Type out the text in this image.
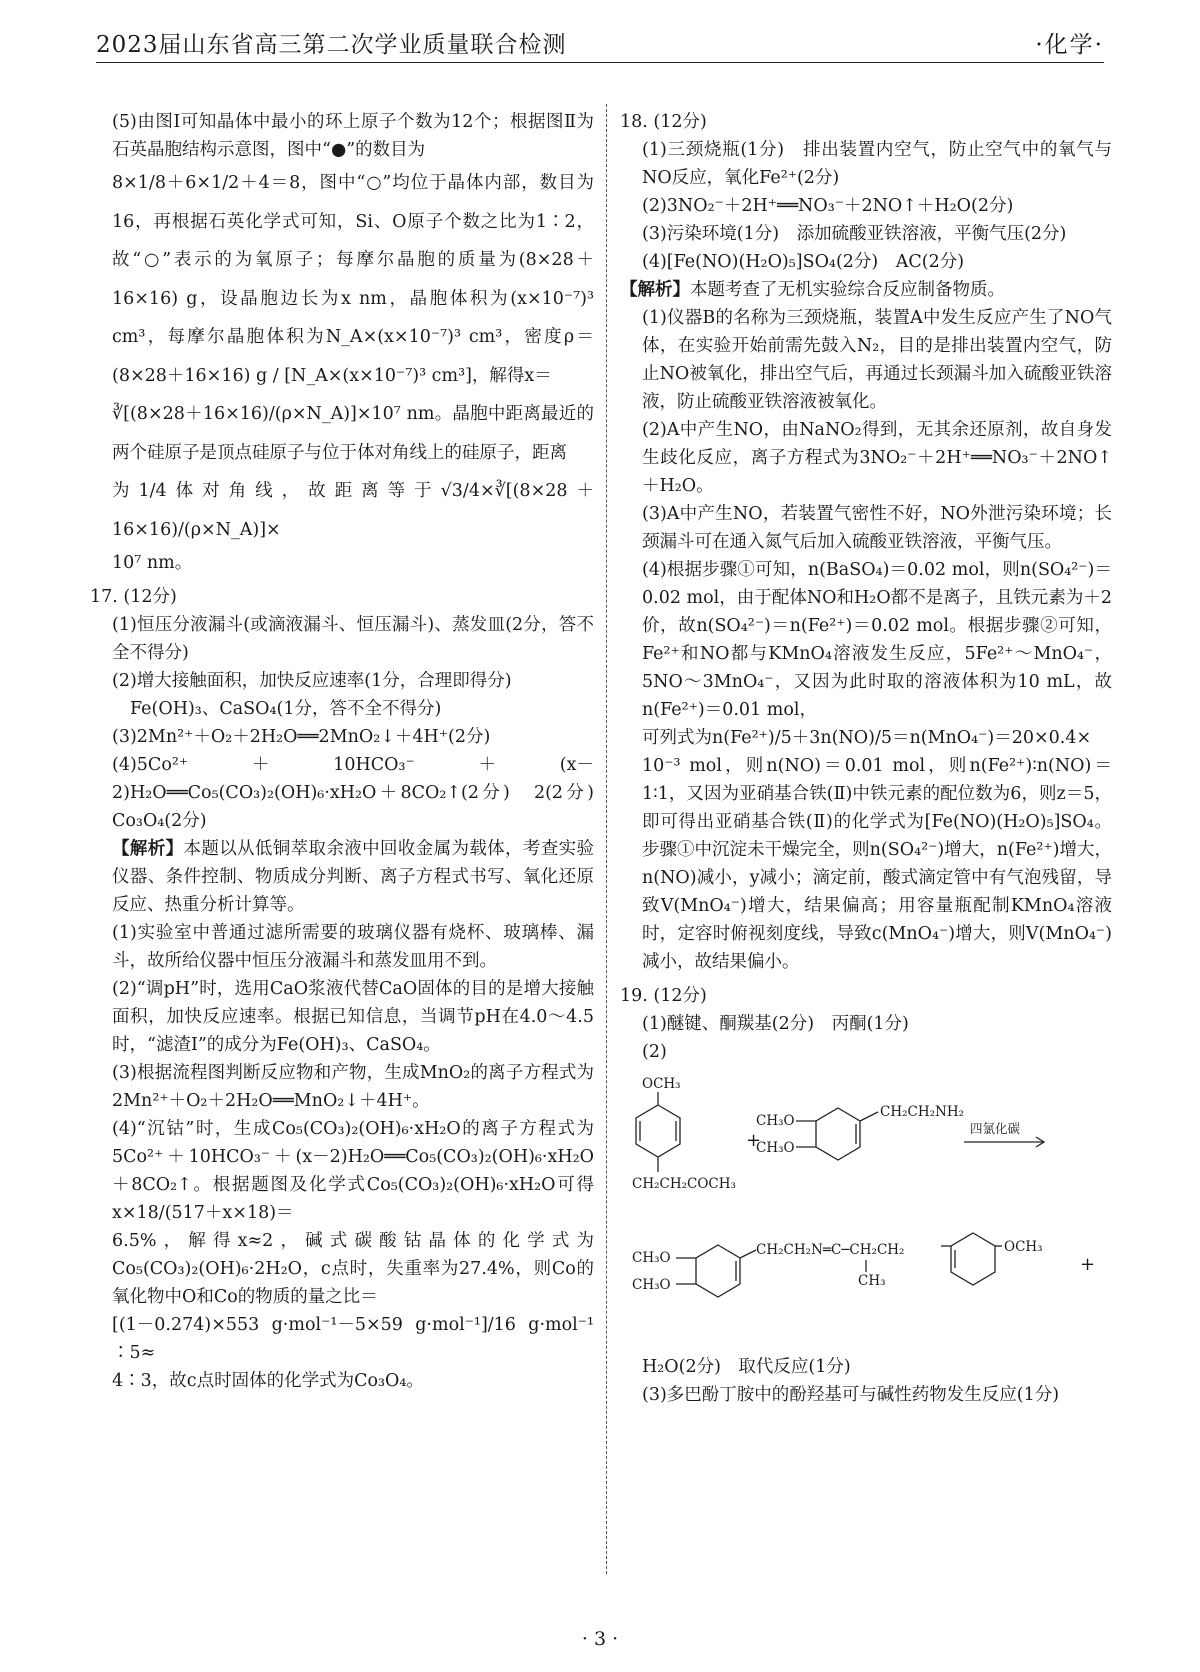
2023届山东省高三第二次学业质量联合检测	·化学·

(5)由图Ⅰ可知晶体中最小的环上原子个数为12个；根据图Ⅱ为石英晶胞结构示意图，图中“●”的数目为

8×1/8＋6×1/2＋4＝8，图中“○”均位于晶体内部，数目为16，再根据石英化学式可知，Si、O原子个数之比为1∶2，故“○”表示的为氧原子；每摩尔晶胞的质量为(8×28＋16×16) g，设晶胞边长为x nm，晶胞体积为(x×10⁻⁷)³ cm³，每摩尔晶胞体积为N_A×(x×10⁻⁷)³ cm³，密度ρ＝(8×28＋16×16) g / [N_A×(x×10⁻⁷)³ cm³]，解得x＝

∛[(8×28＋16×16)/(ρ×N_A)]×10⁷ nm。晶胞中距离最近的两个硅原子是顶点硅原子与位于体对角线上的硅原子，距离

为1/4体对角线，故距离等于√3/4×∛[(8×28＋16×16)/(ρ×N_A)]×

10⁷ nm。

17. (12分)

(1)恒压分液漏斗(或滴液漏斗、恒压漏斗)、蒸发皿(2分，答不全不得分)

(2)增大接触面积，加快反应速率(1分，合理即得分)

Fe(OH)₃、CaSO₄(1分，答不全不得分)

(3)2Mn²⁺＋O₂＋2H₂O══2MnO₂↓＋4H⁺(2分)

(4)5Co²⁺＋10HCO₃⁻＋(x－2)H₂O══Co₅(CO₃)₂(OH)₆·xH₂O＋8CO₂↑(2分)　2(2分)　Co₃O₄(2分)

【解析】本题以从低铜萃取余液中回收金属为载体，考查实验仪器、条件控制、物质成分判断、离子方程式书写、氧化还原反应、热重分析计算等。

(1)实验室中普通过滤所需要的玻璃仪器有烧杯、玻璃棒、漏斗，故所给仪器中恒压分液漏斗和蒸发皿用不到。

(2)“调pH”时，选用CaO浆液代替CaO固体的目的是增大接触面积，加快反应速率。根据已知信息，当调节pH在4.0～4.5时，“滤渣Ⅰ”的成分为Fe(OH)₃、CaSO₄。

(3)根据流程图判断反应物和产物，生成MnO₂的离子方程式为2Mn²⁺＋O₂＋2H₂O══MnO₂↓＋4H⁺。

(4)“沉钴”时，生成Co₅(CO₃)₂(OH)₆·xH₂O的离子方程式为5Co²⁺＋10HCO₃⁻＋(x－2)H₂O══Co₅(CO₃)₂(OH)₆·xH₂O＋8CO₂↑。根据题图及化学式Co₅(CO₃)₂(OH)₆·xH₂O可得 x×18/(517＋x×18)＝

6.5%，解得x≈2，碱式碳酸钴晶体的化学式为Co₅(CO₃)₂(OH)₆·2H₂O，c点时，失重率为27.4%，则Co的氧化物中O和Co的物质的量之比＝

[(1－0.274)×553 g·mol⁻¹－5×59 g·mol⁻¹]/16 g·mol⁻¹ ∶5≈

4∶3，故c点时固体的化学式为Co₃O₄。

18. (12分)

(1)三颈烧瓶(1分)　排出装置内空气，防止空气中的氧气与NO反应，氧化Fe²⁺(2分)

(2)3NO₂⁻＋2H⁺══NO₃⁻＋2NO↑＋H₂O(2分)

(3)污染环境(1分)　添加硫酸亚铁溶液，平衡气压(2分)

(4)[Fe(NO)(H₂O)₅]SO₄(2分)　AC(2分)

【解析】本题考查了无机实验综合反应制备物质。

(1)仪器B的名称为三颈烧瓶，装置A中发生反应产生了NO气体，在实验开始前需先鼓入N₂，目的是排出装置内空气，防止NO被氧化，排出空气后，再通过长颈漏斗加入硫酸亚铁溶液，防止硫酸亚铁溶液被氧化。

(2)A中产生NO，由NaNO₂得到，无其余还原剂，故自身发生歧化反应，离子方程式为3NO₂⁻＋2H⁺══NO₃⁻＋2NO↑＋H₂O。

(3)A中产生NO，若装置气密性不好，NO外泄污染环境；长颈漏斗可在通入氮气后加入硫酸亚铁溶液，平衡气压。

(4)根据步骤①可知，n(BaSO₄)＝0.02 mol，则n(SO₄²⁻)＝0.02 mol，由于配体NO和H₂O都不是离子，且铁元素为＋2价，故n(SO₄²⁻)＝n(Fe²⁺)＝0.02 mol。根据步骤②可知，Fe²⁺和NO都与KMnO₄溶液发生反应，5Fe²⁺～MnO₄⁻，5NO～3MnO₄⁻，又因为此时取的溶液体积为10 mL，故n(Fe²⁺)＝0.01 mol，

可列式为n(Fe²⁺)/5＋3n(NO)/5＝n(MnO₄⁻)＝20×0.4×

10⁻³ mol，则n(NO)＝0.01 mol，则n(Fe²⁺)∶n(NO)＝1∶1，又因为亚硝基合铁(Ⅱ)中铁元素的配位数为6，则z＝5，即可得出亚硝基合铁(Ⅱ)的化学式为[Fe(NO)(H₂O)₅]SO₄。步骤①中沉淀未干燥完全，则n(SO₄²⁻)增大，n(Fe²⁺)增大，n(NO)减小，y减小；滴定前，酸式滴定管中有气泡残留，导致V(MnO₄⁻)增大，结果偏高；用容量瓶配制KMnO₄溶液时，定容时俯视刻度线，导致c(MnO₄⁻)增大，则V(MnO₄⁻)减小，故结果偏小。

19. (12分)

(1)醚键、酮羰基(2分)　丙酮(1分)

(2)

OCH₃
CH₂CH₂COCH₃
+
CH₃O
CH₃O
CH₂CH₂NH₂
四氯化碳
CH₃O
CH₃O
CH₂CH₂N═C─CH₂CH₂
CH₃
OCH₃
+

H₂O(2分)　取代反应(1分)

(3)多巴酚丁胺中的酚羟基可与碱性药物发生反应(1分)

· 3 ·
